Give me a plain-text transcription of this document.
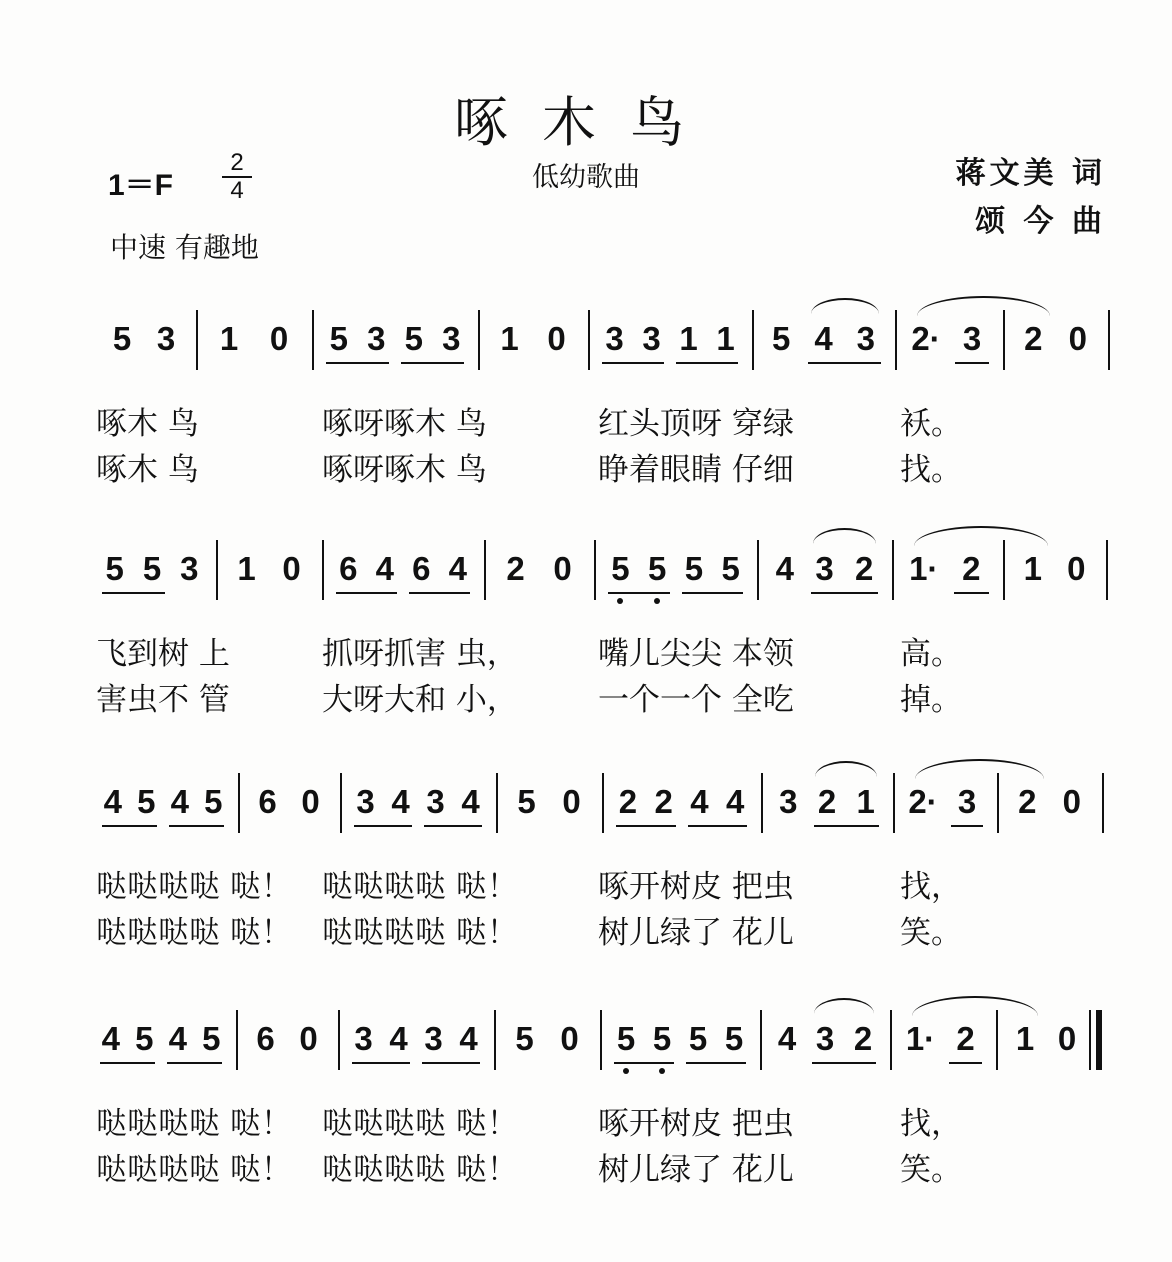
啄木鸟
低幼歌曲
1＝F
2
4
中速 有趣地
蒋文美 词
颂 今 曲
5 3 1 0 5 3 5 3 1 0 3 3 1 1 5 4 3 2· 3 2 0
啄木 鸟	啄呀啄木 鸟	红头顶呀 穿绿	袄。
啄木 鸟	啄呀啄木 鸟	睁着眼睛 仔细	找。
5 5 3 1 0 6 4 6 4 2 0 5 5 5 5 4 3 2 1· 2 1 0
飞到树 上	抓呀抓害 虫，	嘴儿尖尖 本领	高。
害虫不 管	大呀大和 小，	一个一个 全吃	掉。
4 5 4 5 6 0 3 4 3 4 5 0 2 2 4 4 3 2 1 2· 3 2 0
哒哒哒哒 哒！ 哒哒哒哒 哒！	啄开树皮 把虫	找，
哒哒哒哒 哒！ 哒哒哒哒 哒！	树儿绿了 花儿	笑。
4 5 4 5 6 0 3 4 3 4 5 0 5 5 5 5 4 3 2 1· 2 1 0
哒哒哒哒 哒！ 哒哒哒哒 哒！	啄开树皮 把虫	找，
哒哒哒哒 哒！ 哒哒哒哒 哒！	树儿绿了 花儿	笑。
